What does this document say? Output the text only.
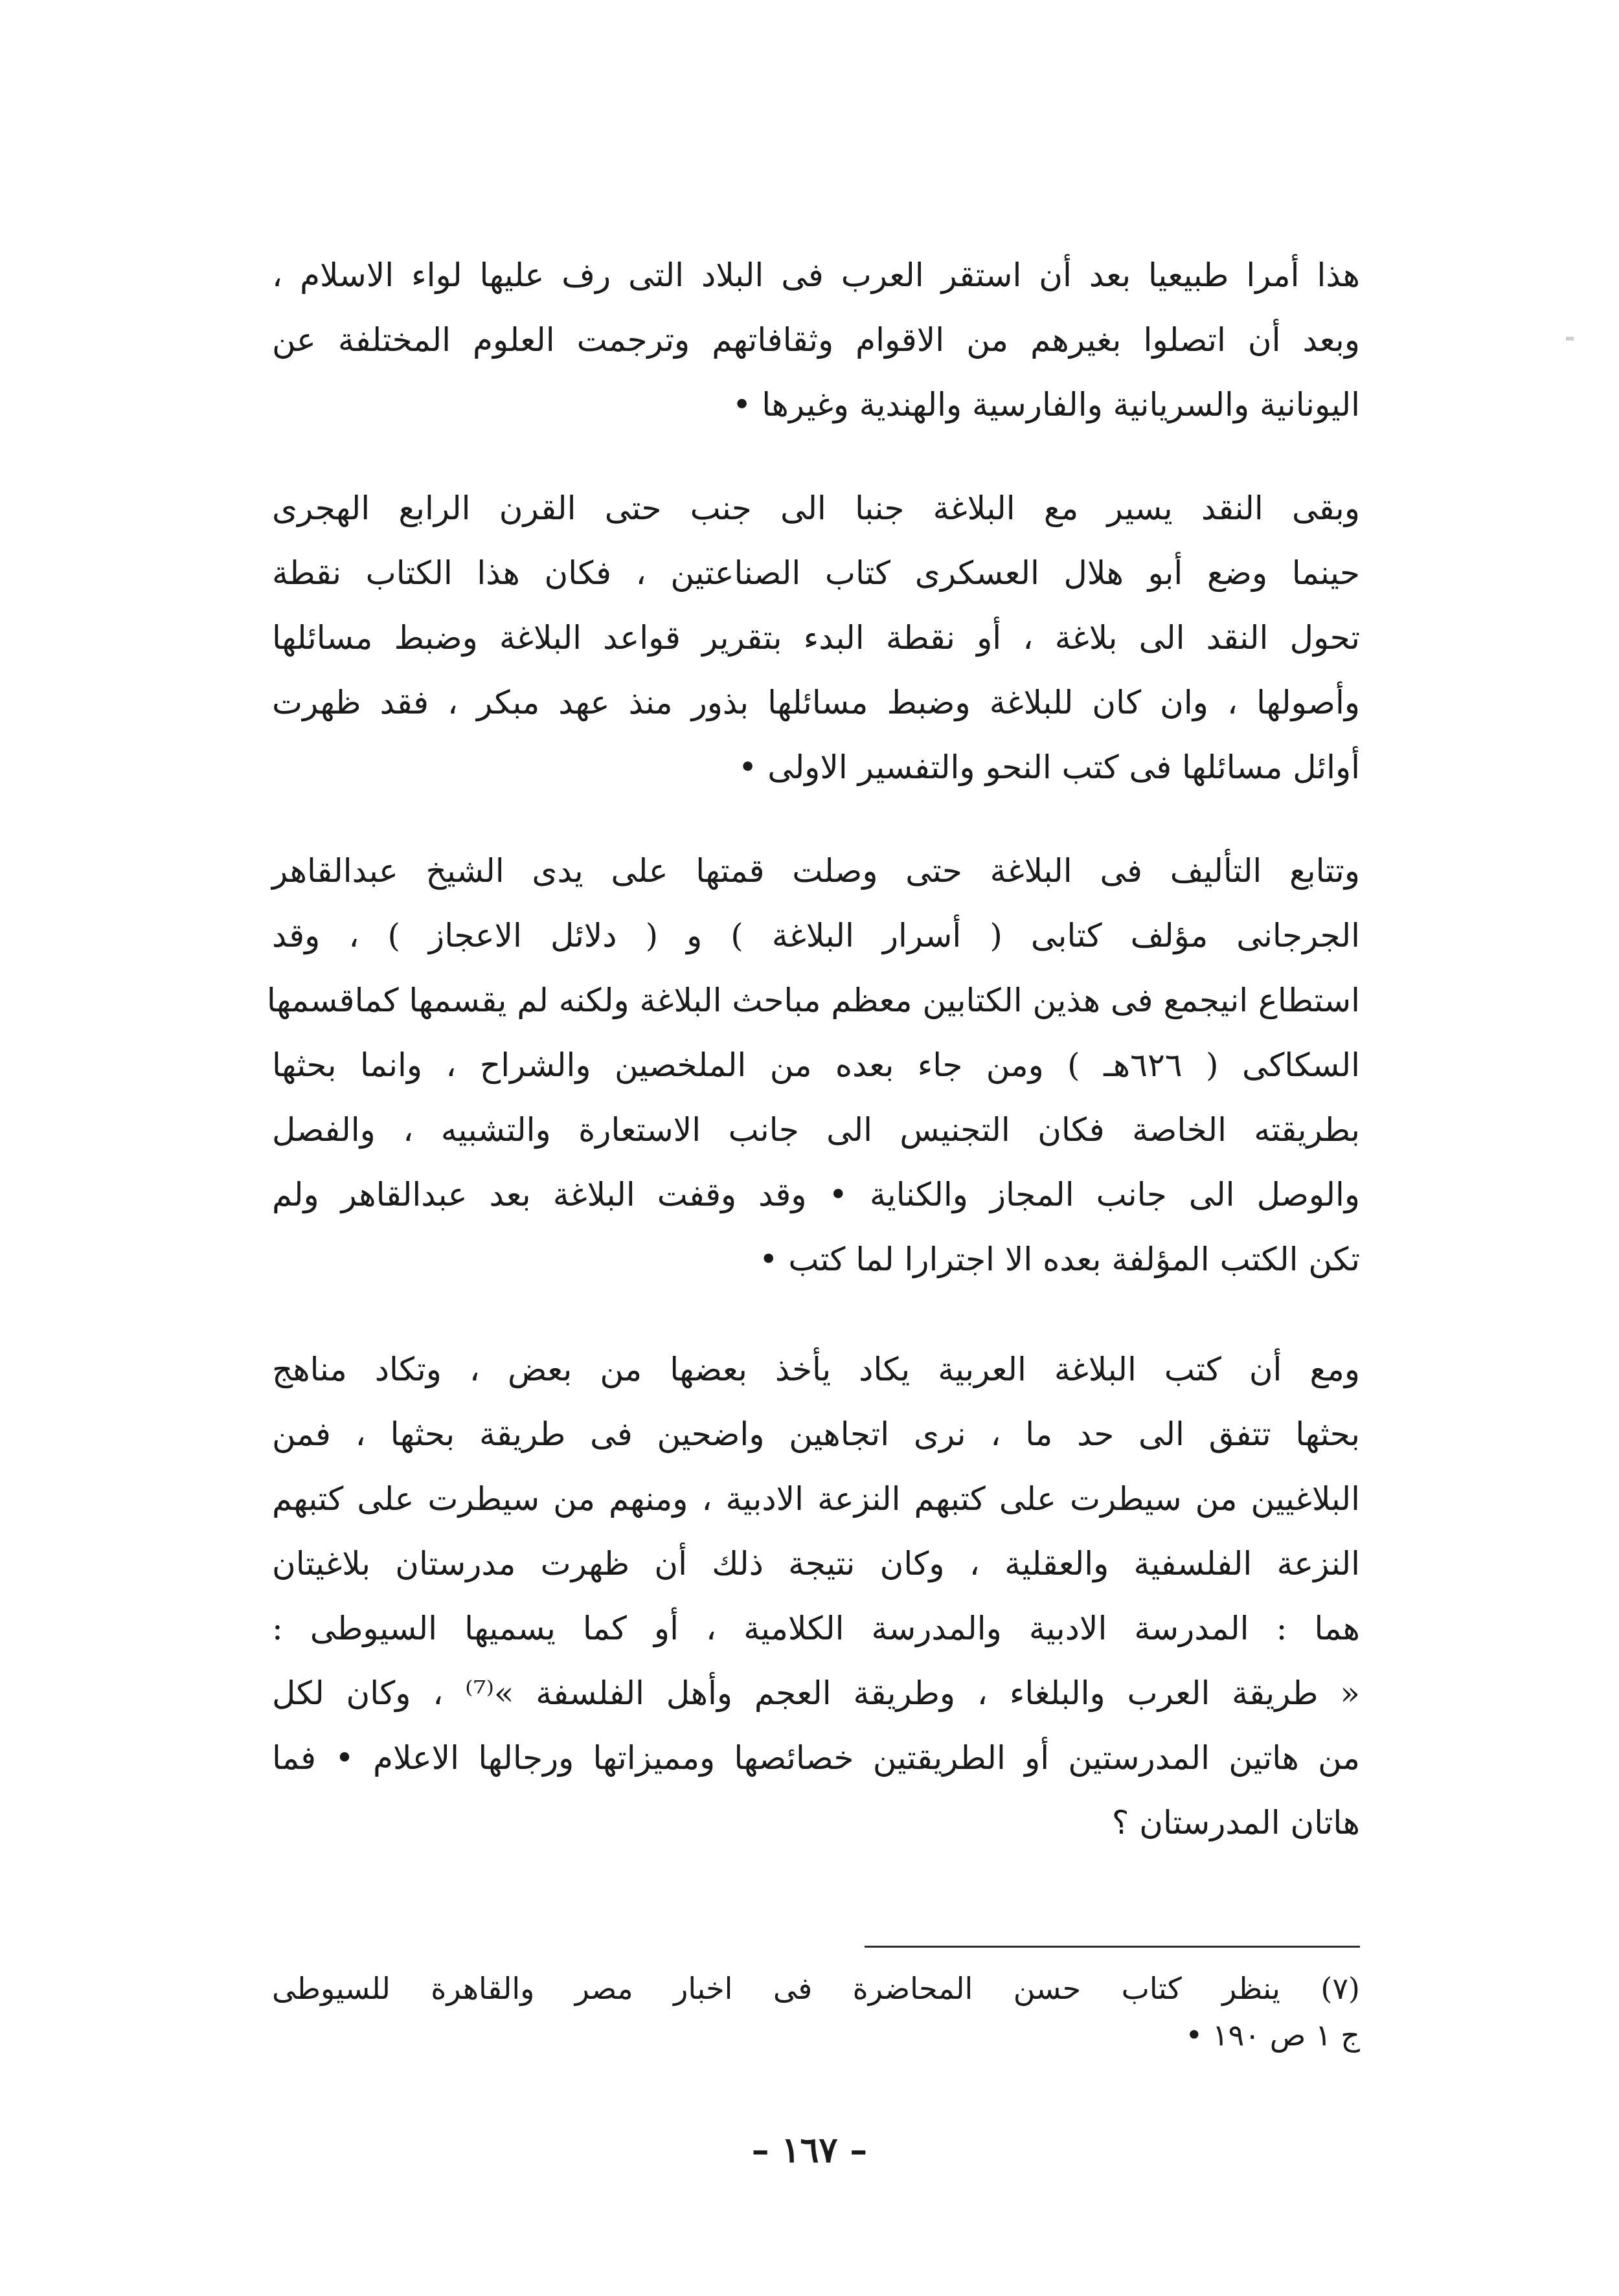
هذا أمرا طبيعيا بعد أن استقر العرب فى البلاد التى رف عليها لواء الاسلام ،
وبعد أن اتصلوا بغيرهم من الاقوام وثقافاتهم وترجمت العلوم المختلفة عن
اليونانية والسريانية والفارسية والهندية وغيرها •
وبقى النقد يسير مع البلاغة جنبا الى جنب حتى القرن الرابع الهجرى
حينما وضع أبو هلال العسكرى كتاب الصناعتين ، فكان هذا الكتاب نقطة
تحول النقد الى بلاغة ، أو نقطة البدء بتقرير قواعد البلاغة وضبط مسائلها
وأصولها ، وان كان للبلاغة وضبط مسائلها بذور منذ عهد مبكر ، فقد ظهرت
أوائل مسائلها فى كتب النحو والتفسير الاولى •
وتتابع التأليف فى البلاغة حتى وصلت قمتها على يدى الشيخ عبدالقاهر
الجرجانى مؤلف كتابى ( أسرار البلاغة ) و ( دلائل الاعجاز ) ، وقد
استطاع انيجمع فى هذين الكتابين معظم مباحث البلاغة ولكنه لم يقسمها كماقسمها
السكاكى ( ٦٢٦هـ ) ومن جاء بعده من الملخصين والشراح ، وانما بحثها
بطريقته الخاصة فكان التجنيس الى جانب الاستعارة والتشبيه ، والفصل
والوصل الى جانب المجاز والكناية • وقد وقفت البلاغة بعد عبدالقاهر ولم
تكن الكتب المؤلفة بعده الا اجترارا لما كتب •
ومع أن كتب البلاغة العربية يكاد يأخذ بعضها من بعض ، وتكاد مناهج
بحثها تتفق الى حد ما ، نرى اتجاهين واضحين فى طريقة بحثها ، فمن
البلاغيين من سيطرت على كتبهم النزعة الادبية ، ومنهم من سيطرت على كتبهم
النزعة الفلسفية والعقلية ، وكان نتيجة ذلك أن ظهرت مدرستان بلاغيتان
هما : المدرسة الادبية والمدرسة الكلامية ، أو كما يسميها السيوطى :
« طريقة العرب والبلغاء ، وطريقة العجم وأهل الفلسفة »⁽⁷⁾ ، وكان لكل
من هاتين المدرستين أو الطريقتين خصائصها ومميزاتها ورجالها الاعلام • فما
هاتان المدرستان ؟
(٧) ينظر كتاب حسن المحاضرة فى اخبار مصر والقاهرة للسيوطى
ج ١ ص ١٩٠ •
– ١٦٧ –
